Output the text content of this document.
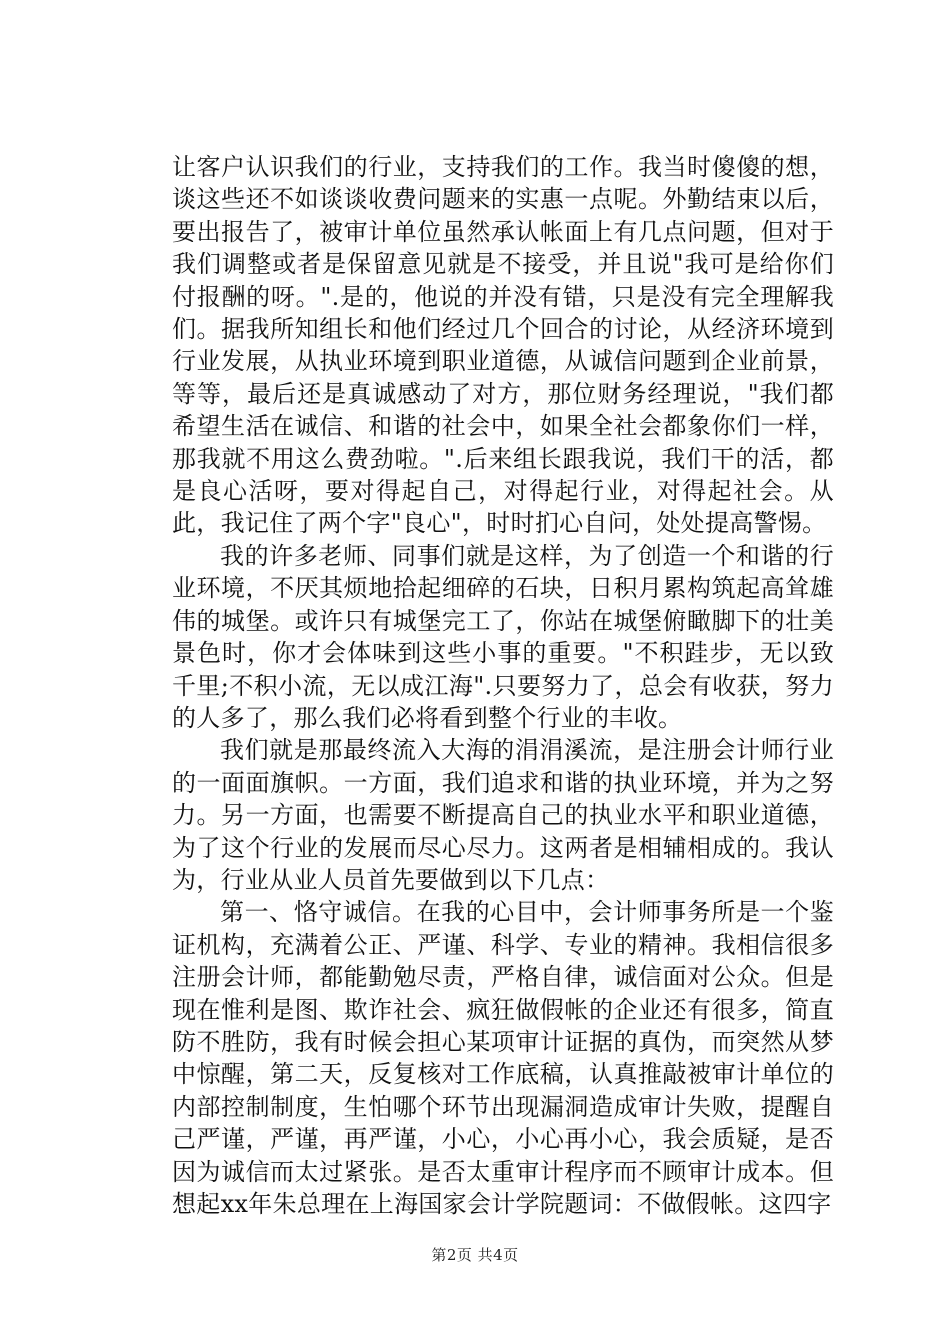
让客户认识我们的行业，支持我们的工作。我当时傻傻的想，谈这些还不如谈谈收费问题来的实惠一点呢。外勤结束以后，要出报告了，被审计单位虽然承认帐面上有几点问题，但对于我们调整或者是保留意见就是不接受，并且说"我可是给你们付报酬的呀。".是的，他说的并没有错，只是没有完全理解我们。据我所知组长和他们经过几个回合的讨论，从经济环境到行业发展，从执业环境到职业道德，从诚信问题到企业前景，等等，最后还是真诚感动了对方，那位财务经理说，"我们都希望生活在诚信、和谐的社会中，如果全社会都象你们一样，那我就不用这么费劲啦。".后来组长跟我说，我们干的活，都是良心活呀，要对得起自己，对得起行业，对得起社会。从此，我记住了两个字"良心"，时时扪心自问，处处提高警惕。

我的许多老师、同事们就是这样，为了创造一个和谐的行业环境，不厌其烦地拾起细碎的石块，日积月累构筑起高耸雄伟的城堡。或许只有城堡完工了，你站在城堡俯瞰脚下的壮美景色时，你才会体味到这些小事的重要。"不积跬步，无以致千里;不积小流，无以成江海".只要努力了，总会有收获，努力的人多了，那么我们必将看到整个行业的丰收。

我们就是那最终流入大海的涓涓溪流，是注册会计师行业的一面面旗帜。一方面，我们追求和谐的执业环境，并为之努力。另一方面，也需要不断提高自己的执业水平和职业道德，为了这个行业的发展而尽心尽力。这两者是相辅相成的。我认为，行业从业人员首先要做到以下几点：

第一、恪守诚信。在我的心目中，会计师事务所是一个鉴证机构，充满着公正、严谨、科学、专业的精神。我相信很多注册会计师，都能勤勉尽责，严格自律，诚信面对公众。但是现在惟利是图、欺诈社会、疯狂做假帐的企业还有很多，简直防不胜防，我有时候会担心某项审计证据的真伪，而突然从梦中惊醒，第二天，反复核对工作底稿，认真推敲被审计单位的内部控制制度，生怕哪个环节出现漏洞造成审计失败，提醒自己严谨，严谨，再严谨，小心，小心再小心，我会质疑，是否因为诚信而太过紧张。是否太重审计程序而不顾审计成本。但想起xx年朱总理在上海国家会计学院题词：不做假帐。这四字

第2页 共4页
